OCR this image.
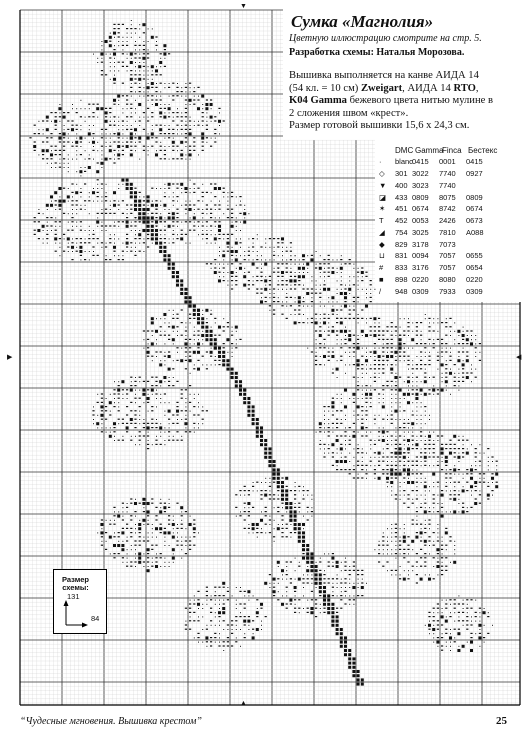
▼
▲
▶	◀
Сумка «Магнолия»
Цветную иллюстрацию смотрите на стр. 5.
Разработка схемы: Наталья Морозова.
Вышивка выполняется на канве АИДА 14
(54 кл. = 10 см) Zweigart, АИДА 14 RTO,
K04 Gamma бежевого цвета нитью мулине в
2 сложения швом «крест».
Размер готовой вышивки 15,6 х 24,3 см.
DMC Gamma
Finca Бестекс
·	blanc 0415	0001	0415
◇	301 3022	7740	0927
▼	400 3023	7740
◪	433 0809	8075	0809
✶	451 0674	8742	0674
T	452 0053	2426	0673
◢	754 3025	7810	А088
◆	829 3178	7073
⊔	831 0094	7057	0655
#	833 3176	7057	0654
■	898 0220	8080	0220
/	948 0309	7933	0309
Размер
схемы:
131
84
“Чудесные мгновения. Вышивка крестом”	25
